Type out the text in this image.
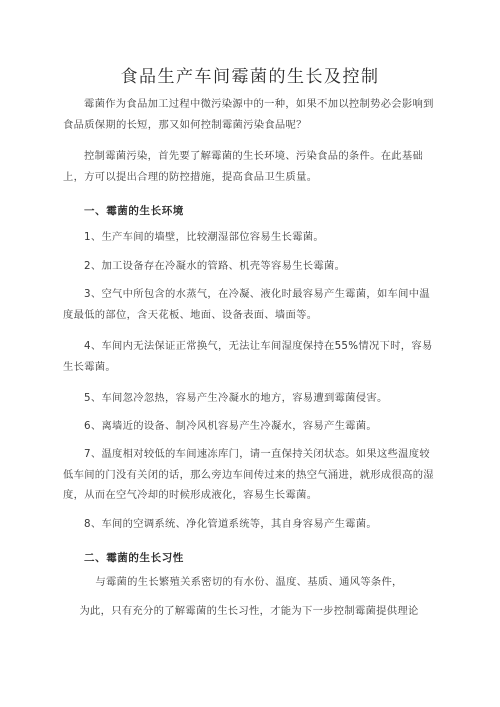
食品生产车间霉菌的生长及控制

霉菌作为食品加工过程中微污染源中的一种，如果不加以控制势必会影响到食品质保期的长短，那又如何控制霉菌污染食品呢？

控制霉菌污染，首先要了解霉菌的生长环境、污染食品的条件。在此基础上，方可以提出合理的防控措施，提高食品卫生质量。

一、霉菌的生长环境

1、生产车间的墙壁，比较潮湿部位容易生长霉菌。

2、加工设备存在冷凝水的管路、机壳等容易生长霉菌。

3、空气中所包含的水蒸气，在冷凝、液化时最容易产生霉菌，如车间中温度最低的部位，含天花板、地面、设备表面、墙面等。

4、车间内无法保证正常换气，无法让车间湿度保持在55%情况下时，容易生长霉菌。

5、车间忽冷忽热，容易产生冷凝水的地方，容易遭到霉菌侵害。

6、离墙近的设备、制冷风机容易产生冷凝水，容易产生霉菌。

7、温度相对较低的车间速冻库门，请一直保持关闭状态。如果这些温度较低车间的门没有关闭的话，那么旁边车间传过来的热空气涌进，就形成很高的湿度，从而在空气冷却的时候形成液化，容易生长霉菌。

8、车间的空调系统、净化管道系统等，其自身容易产生霉菌。

二、霉菌的生长习性

与霉菌的生长繁殖关系密切的有水份、温度、基质、通风等条件，

为此，只有充分的了解霉菌的生长习性，才能为下一步控制霉菌提供理论
